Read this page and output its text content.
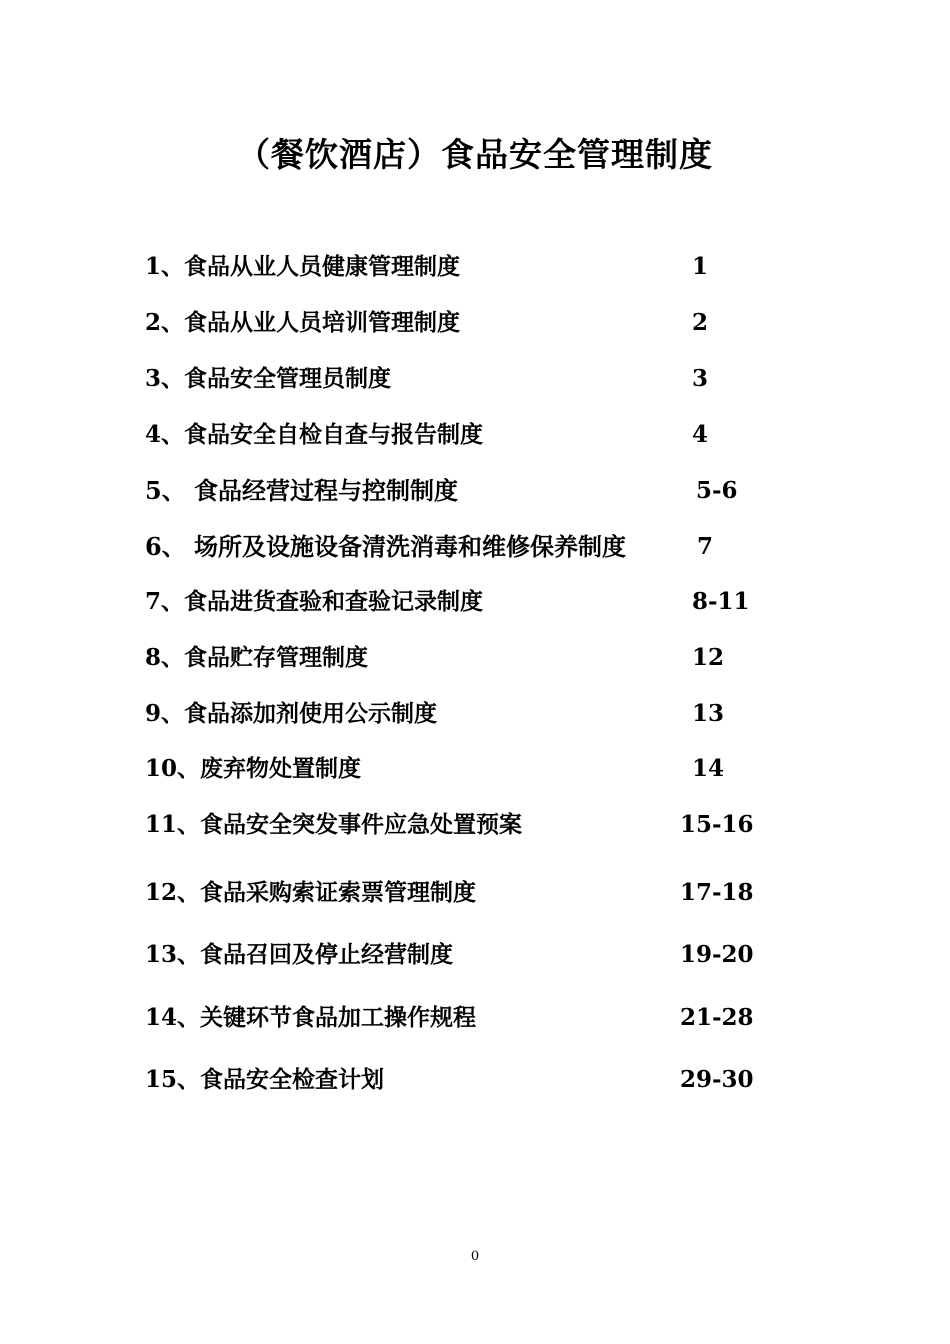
（餐饮酒店）食品安全管理制度
1、食品从业人员健康管理制度	1
2、食品从业人员培训管理制度	2
3、食品安全管理员制度	3
4、食品安全自检自查与报告制度	4
5、 食品经营过程与控制制度	5-6
6、 场所及设施设备清洗消毒和维修保养制度	7
7、食品进货查验和查验记录制度	8-11
8、食品贮存管理制度	12
9、食品添加剂使用公示制度	13
10、废弃物处置制度	14
11、食品安全突发事件应急处置预案	15-16
12、食品采购索证索票管理制度	17-18
13、食品召回及停止经营制度	19-20
14、关键环节食品加工操作规程	21-28
15、食品安全检查计划	29-30
0
